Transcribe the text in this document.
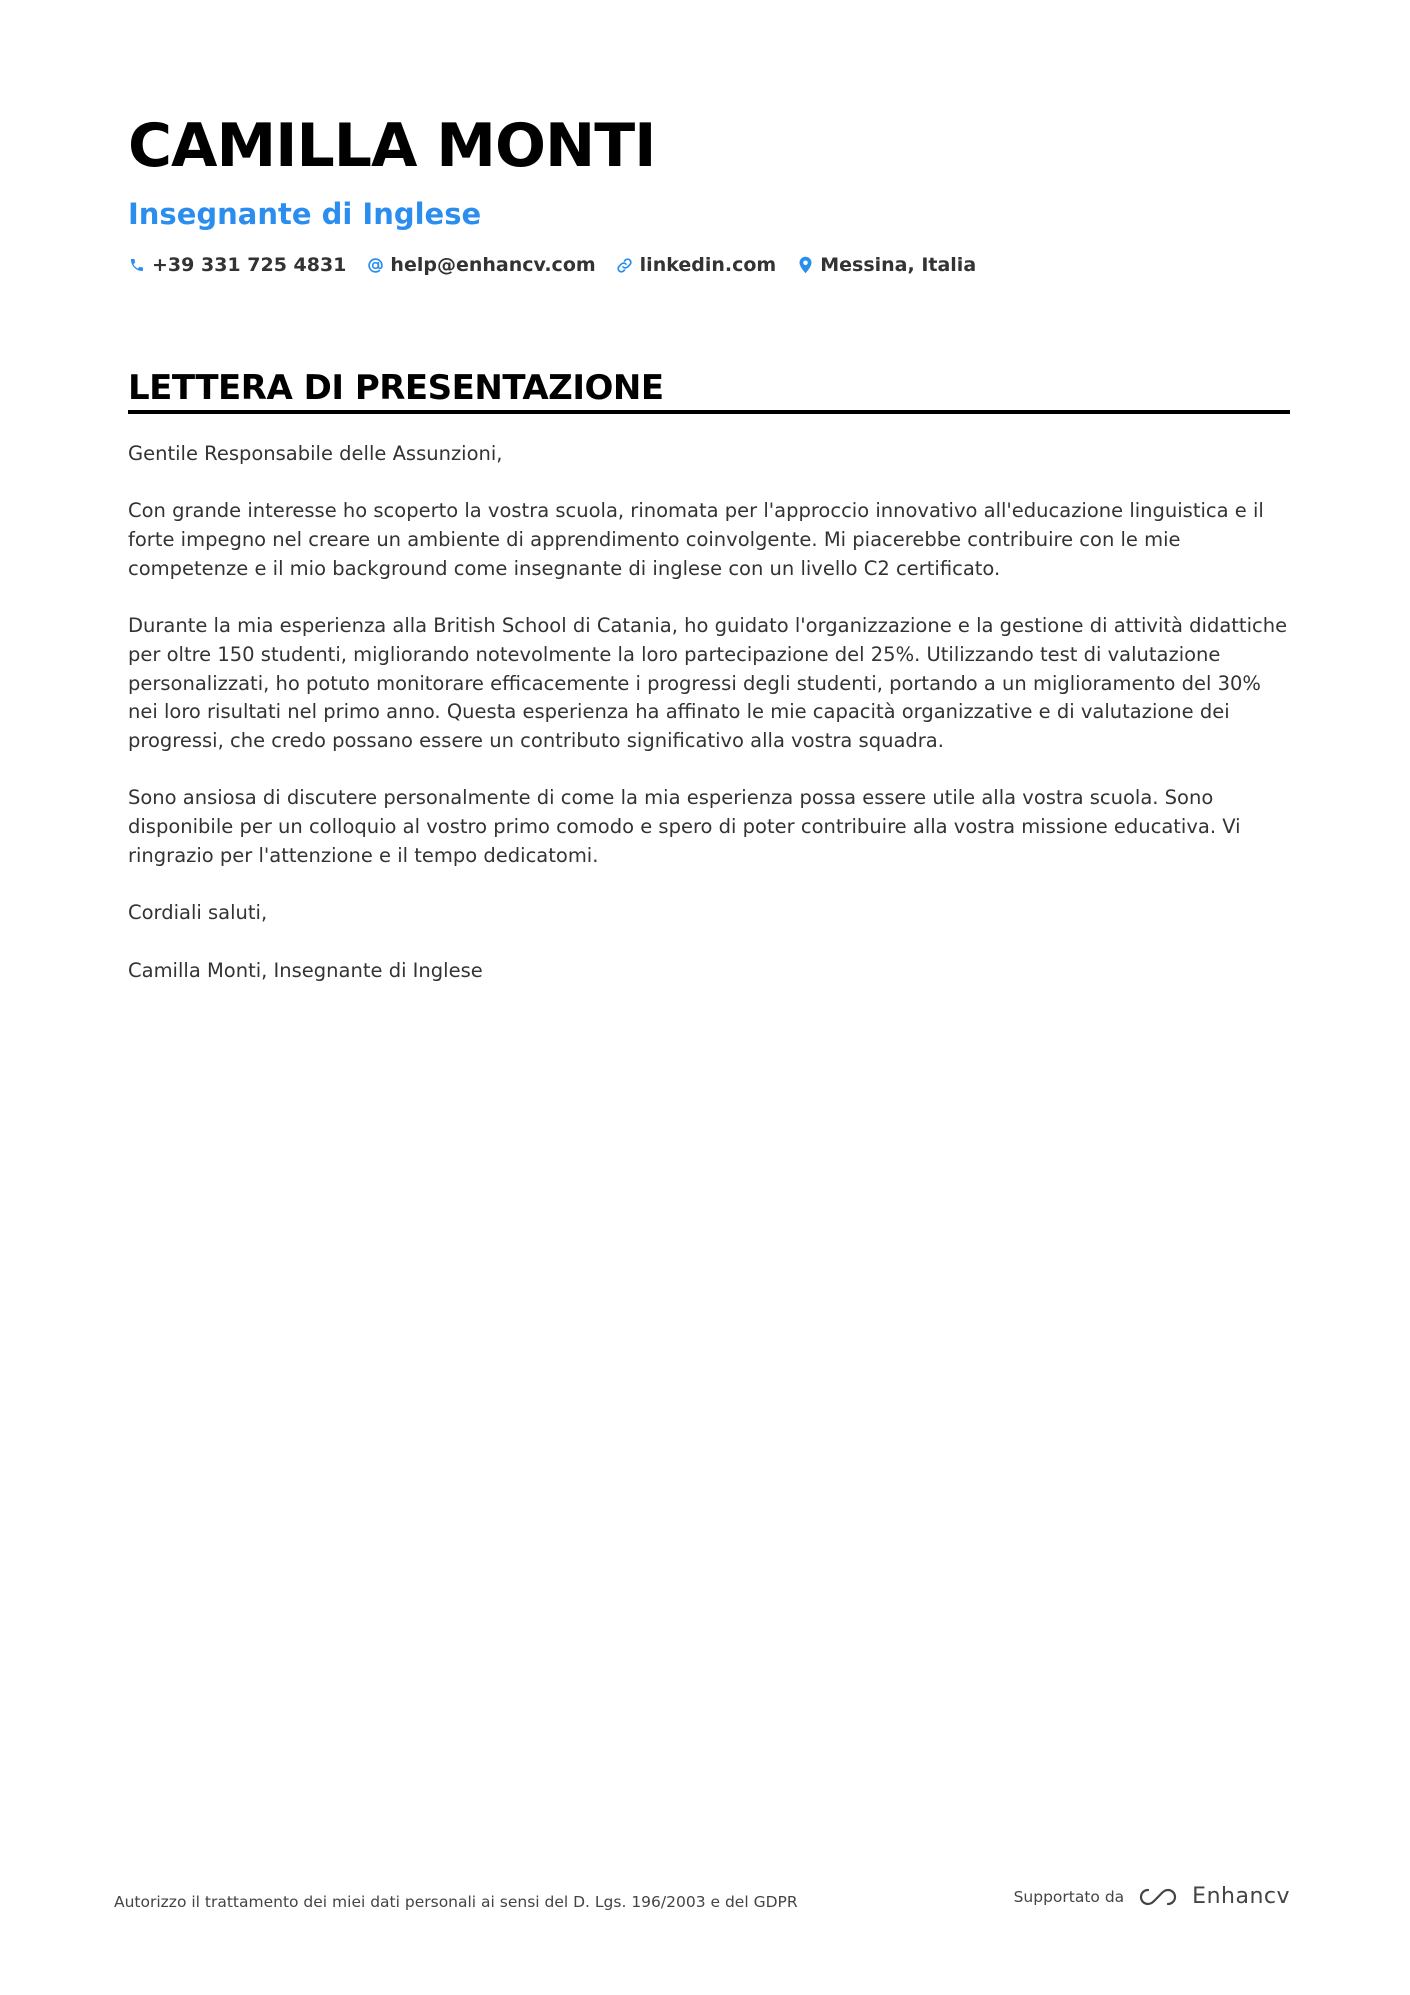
CAMILLA MONTI
Insegnante di Inglese
+39 331 725 4831 help@enhancv.com linkedin.com Messina, Italia
LETTERA DI PRESENTAZIONE

Gentile Responsabile delle Assunzioni,

Con grande interesse ho scoperto la vostra scuola, rinomata per l'approccio innovativo all'educazione linguistica e il forte impegno nel creare un ambiente di apprendimento coinvolgente. Mi piacerebbe contribuire con le mie competenze e il mio background come insegnante di inglese con un livello C2 certificato.

Durante la mia esperienza alla British School di Catania, ho guidato l'organizzazione e la gestione di attività didattiche per oltre 150 studenti, migliorando notevolmente la loro partecipazione del 25%. Utilizzando test di valutazione personalizzati, ho potuto monitorare efficacemente i progressi degli studenti, portando a un miglioramento del 30% nei loro risultati nel primo anno. Questa esperienza ha affinato le mie capacità organizzative e di valutazione dei progressi, che credo possano essere un contributo significativo alla vostra squadra.

Sono ansiosa di discutere personalmente di come la mia esperienza possa essere utile alla vostra scuola. Sono disponibile per un colloquio al vostro primo comodo e spero di poter contribuire alla vostra missione educativa. Vi ringrazio per l'attenzione e il tempo dedicatomi.

Cordiali saluti,

Camilla Monti, Insegnante di Inglese

Autorizzo il trattamento dei miei dati personali ai sensi del D. Lgs. 196/2003 e del GDPR	Supportato da	Enhancv
